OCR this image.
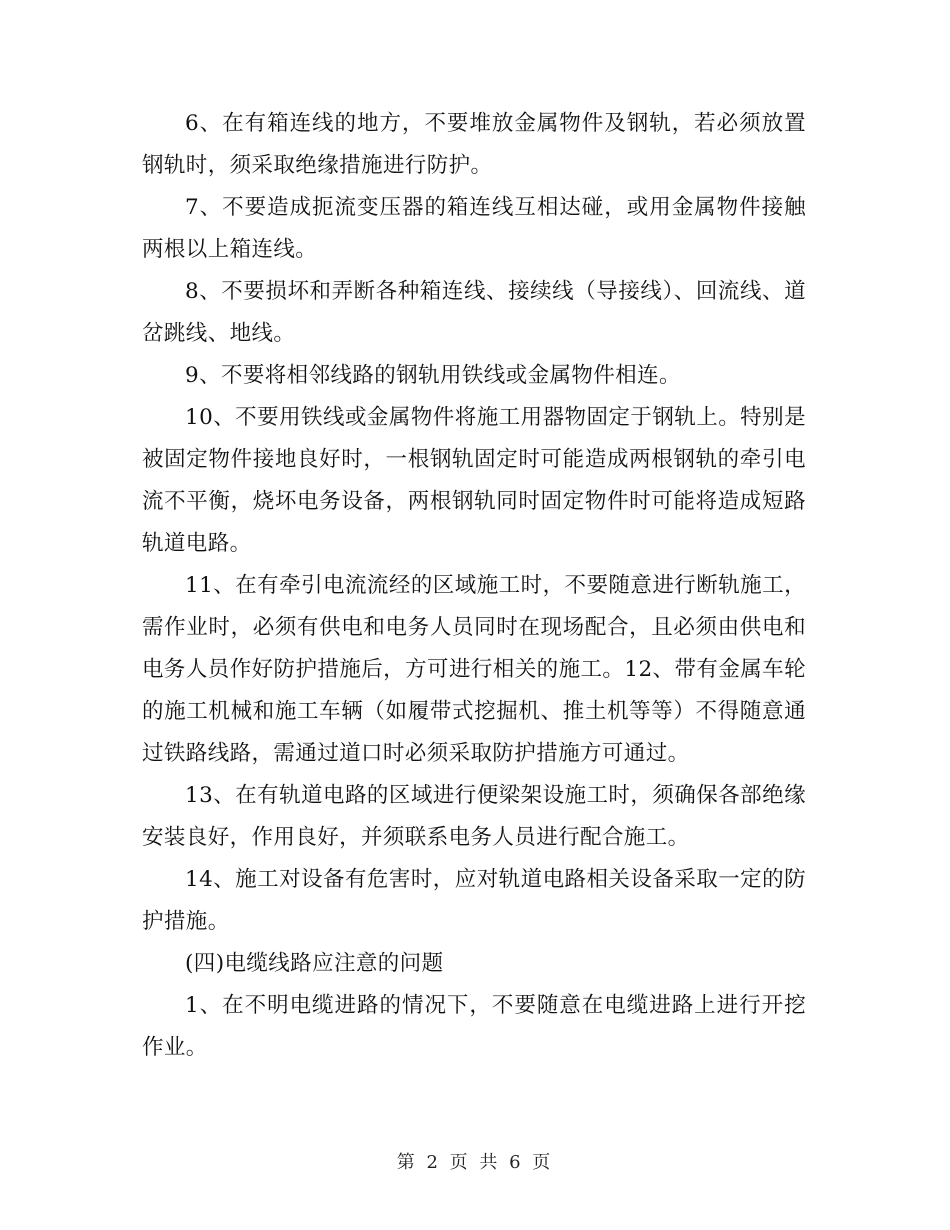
6、在有箱连线的地方，不要堆放金属物件及钢轨，若必须放置钢轨时，须采取绝缘措施进行防护。

7、不要造成扼流变压器的箱连线互相达碰，或用金属物件接触两根以上箱连线。

8、不要损坏和弄断各种箱连线、接续线（导接线）、回流线、道岔跳线、地线。

9、不要将相邻线路的钢轨用铁线或金属物件相连。

10、不要用铁线或金属物件将施工用器物固定于钢轨上。特别是被固定物件接地良好时，一根钢轨固定时可能造成两根钢轨的牵引电流不平衡，烧坏电务设备，两根钢轨同时固定物件时可能将造成短路轨道电路。

11、在有牵引电流流经的区域施工时，不要随意进行断轨施工，需作业时，必须有供电和电务人员同时在现场配合，且必须由供电和电务人员作好防护措施后，方可进行相关的施工。12、带有金属车轮的施工机械和施工车辆（如履带式挖掘机、推土机等等）不得随意通过铁路线路，需通过道口时必须采取防护措施方可通过。

13、在有轨道电路的区域进行便梁架设施工时，须确保各部绝缘安装良好，作用良好，并须联系电务人员进行配合施工。

14、施工对设备有危害时，应对轨道电路相关设备采取一定的防护措施。

(四)电缆线路应注意的问题

1、在不明电缆进路的情况下，不要随意在电缆进路上进行开挖作业。

第 2 页 共 6 页
